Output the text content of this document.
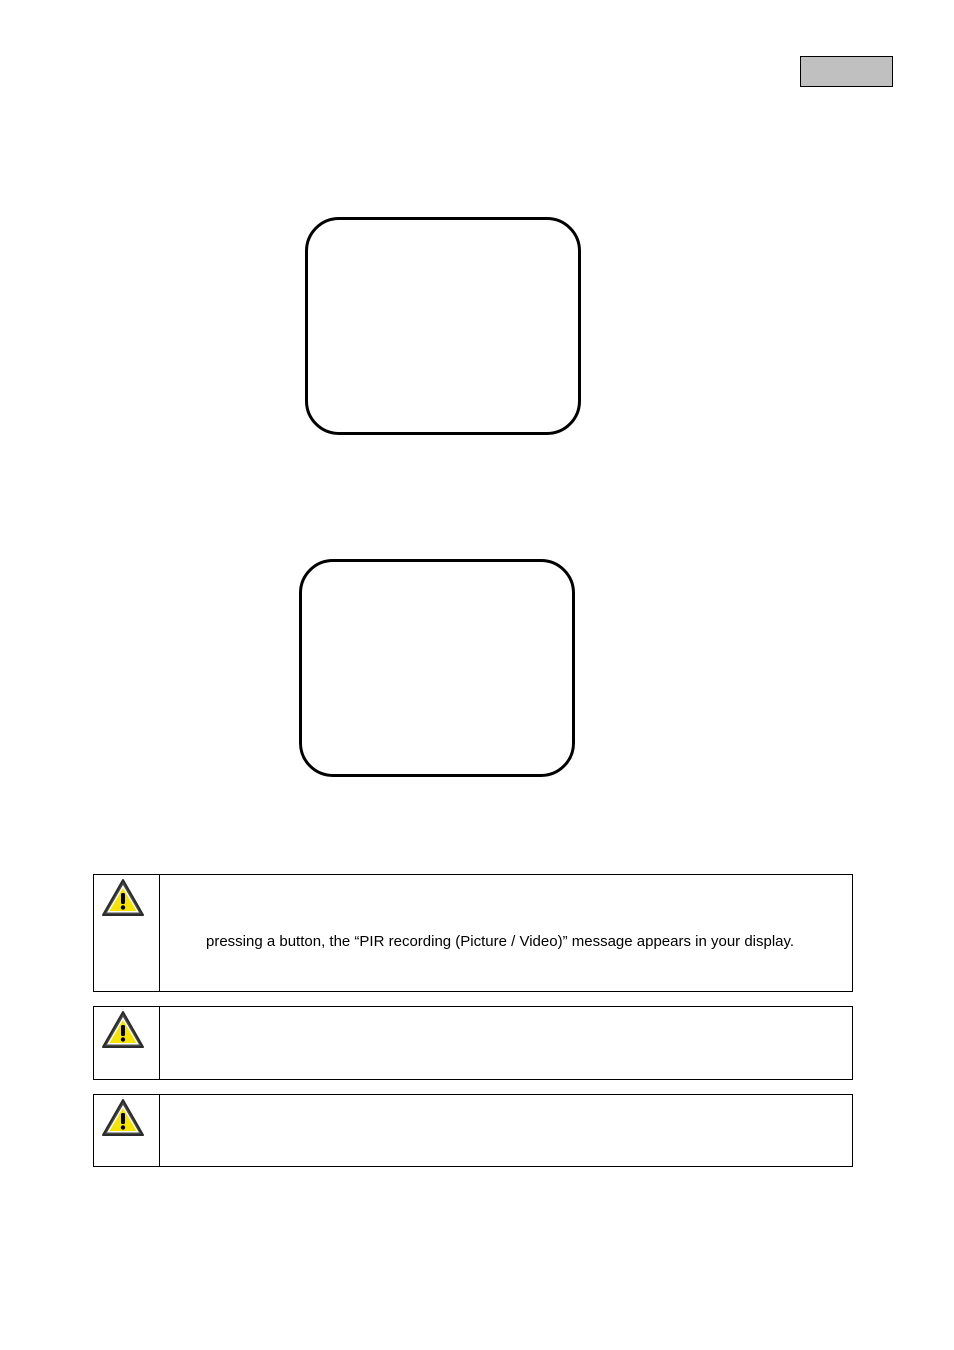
pressing a button, the “PIR recording (Picture / Video)” message appears in your display.
